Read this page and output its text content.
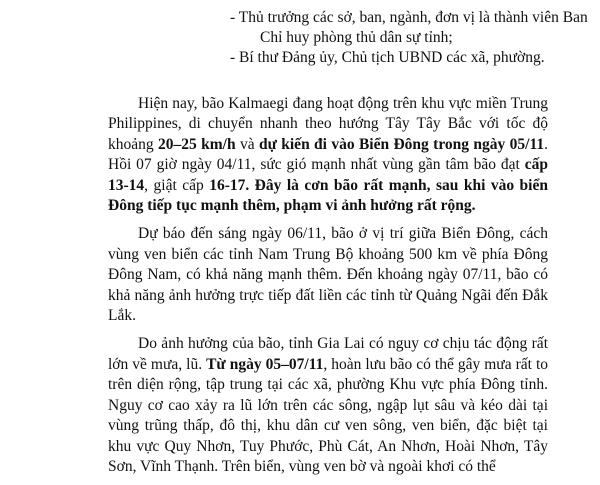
- Thủ trưởng các sở, ban, ngành, đơn vị là thành viên Ban
Chỉ huy phòng thủ dân sự tỉnh;
- Bí thư Đảng ủy, Chủ tịch UBND các xã, phường.

Hiện nay, bão Kalmaegi đang hoạt động trên khu vực miền Trung Philippines, di chuyển nhanh theo hướng Tây Tây Bắc với tốc độ khoảng 20–25 km/h và dự kiến đi vào Biển Đông trong ngày 05/11. Hồi 07 giờ ngày 04/11, sức gió mạnh nhất vùng gần tâm bão đạt cấp 13-14, giật cấp 16-17. Đây là cơn bão rất mạnh, sau khi vào biển Đông tiếp tục mạnh thêm, phạm vi ảnh hưởng rất rộng.

Dự báo đến sáng ngày 06/11, bão ở vị trí giữa Biển Đông, cách vùng ven biển các tỉnh Nam Trung Bộ khoảng 500 km về phía Đông Đông Nam, có khả năng mạnh thêm. Đến khoảng ngày 07/11, bão có khả năng ảnh hưởng trực tiếp đất liền các tỉnh từ Quảng Ngãi đến Đắk Lắk.

Do ảnh hưởng của bão, tỉnh Gia Lai có nguy cơ chịu tác động rất lớn về mưa, lũ. Từ ngày 05–07/11, hoàn lưu bão có thể gây mưa rất to trên diện rộng, tập trung tại các xã, phường Khu vực phía Đông tỉnh. Nguy cơ cao xảy ra lũ lớn trên các sông, ngập lụt sâu và kéo dài tại vùng trũng thấp, đô thị, khu dân cư ven sông, ven biển, đặc biệt tại khu vực Quy Nhơn, Tuy Phước, Phù Cát, An Nhơn, Hoài Nhơn, Tây Sơn, Vĩnh Thạnh. Trên biển, vùng ven bờ và ngoài khơi có thể
